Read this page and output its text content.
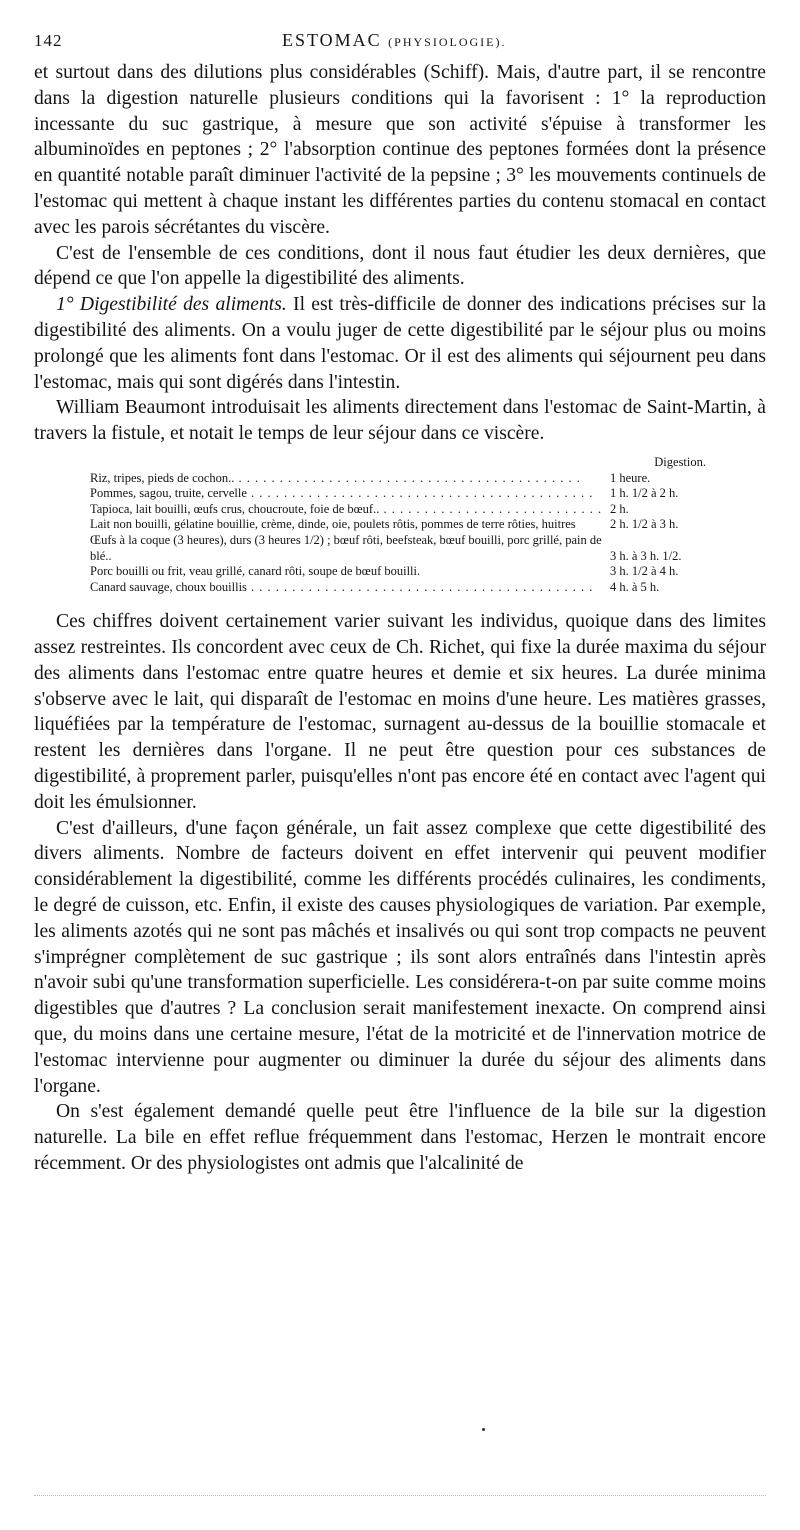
142	ESTOMAC (PHYSIOLOGIE).

et surtout dans des dilutions plus considérables (Schiff). Mais, d'autre part, il se rencontre dans la digestion naturelle plusieurs conditions qui la favorisent : 1° la reproduction incessante du suc gastrique, à mesure que son activité s'épuise à transformer les albuminoïdes en peptones ; 2° l'absorption continue des peptones formées dont la présence en quantité notable paraît diminuer l'activité de la pepsine ; 3° les mouvements continuels de l'estomac qui mettent à chaque instant les différentes parties du contenu stomacal en contact avec les parois sécrétantes du viscère.

C'est de l'ensemble de ces conditions, dont il nous faut étudier les deux dernières, que dépend ce que l'on appelle la digestibilité des aliments.

1° Digestibilité des aliments. Il est très-difficile de donner des indications précises sur la digestibilité des aliments. On a voulu juger de cette digestibilité par le séjour plus ou moins prolongé que les aliments font dans l'estomac. Or il est des aliments qui séjournent peu dans l'estomac, mais qui sont digérés dans l'intestin.

William Beaumont introduisait les aliments directement dans l'estomac de Saint-Martin, à travers la fistule, et notait le temps de leur séjour dans ce viscère.

Digestion.
Riz, tripes, pieds de cochon.. . . .	1 heure.
Pommes, sagou, truite, cervelle . . .	1 h. 1/2 à 2 h.
Tapioca, lait bouilli, œufs crus, choucroute, foie de bœuf.. . . .	2 h.
Lait non bouilli, gélatine bouillie, crème, dinde, oie, poulets rôtis, pommes de terre rôties, huitres	2 h. 1/2 à 3 h.
Œufs à la coque (3 heures), durs (3 heures 1/2) ; bœuf rôti, beefsteak, bœuf bouilli, porc grillé, pain de blé..	3 h. à 3 h. 1/2.
Porc bouilli ou frit, veau grillé, canard rôti, soupe de bœuf bouilli.	3 h. 1/2 à 4 h.
Canard sauvage, choux bouillis . . .	4 h. à 5 h.

Ces chiffres doivent certainement varier suivant les individus, quoique dans des limites assez restreintes. Ils concordent avec ceux de Ch. Richet, qui fixe la durée maxima du séjour des aliments dans l'estomac entre quatre heures et demie et six heures. La durée minima s'observe avec le lait, qui disparaît de l'estomac en moins d'une heure. Les matières grasses, liquéfiées par la température de l'estomac, surnagent au-dessus de la bouillie stomacale et restent les dernières dans l'organe. Il ne peut être question pour ces substances de digestibilité, à proprement parler, puisqu'elles n'ont pas encore été en contact avec l'agent qui doit les émulsionner.

C'est d'ailleurs, d'une façon générale, un fait assez complexe que cette digestibilité des divers aliments. Nombre de facteurs doivent en effet intervenir qui peuvent modifier considérablement la digestibilité, comme les différents procédés culinaires, les condiments, le degré de cuisson, etc. Enfin, il existe des causes physiologiques de variation. Par exemple, les aliments azotés qui ne sont pas mâchés et insalivés ou qui sont trop compacts ne peuvent s'imprégner complètement de suc gastrique ; ils sont alors entraînés dans l'intestin après n'avoir subi qu'une transformation superficielle. Les considérera-t-on par suite comme moins digestibles que d'autres ? La conclusion serait manifestement inexacte. On comprend ainsi que, du moins dans une certaine mesure, l'état de la motricité et de l'innervation motrice de l'estomac intervienne pour augmenter ou diminuer la durée du séjour des aliments dans l'organe.

On s'est également demandé quelle peut être l'influence de la bile sur la digestion naturelle. La bile en effet reflue fréquemment dans l'estomac, Herzen le montrait encore récemment. Or des physiologistes ont admis que l'alcalinité de
